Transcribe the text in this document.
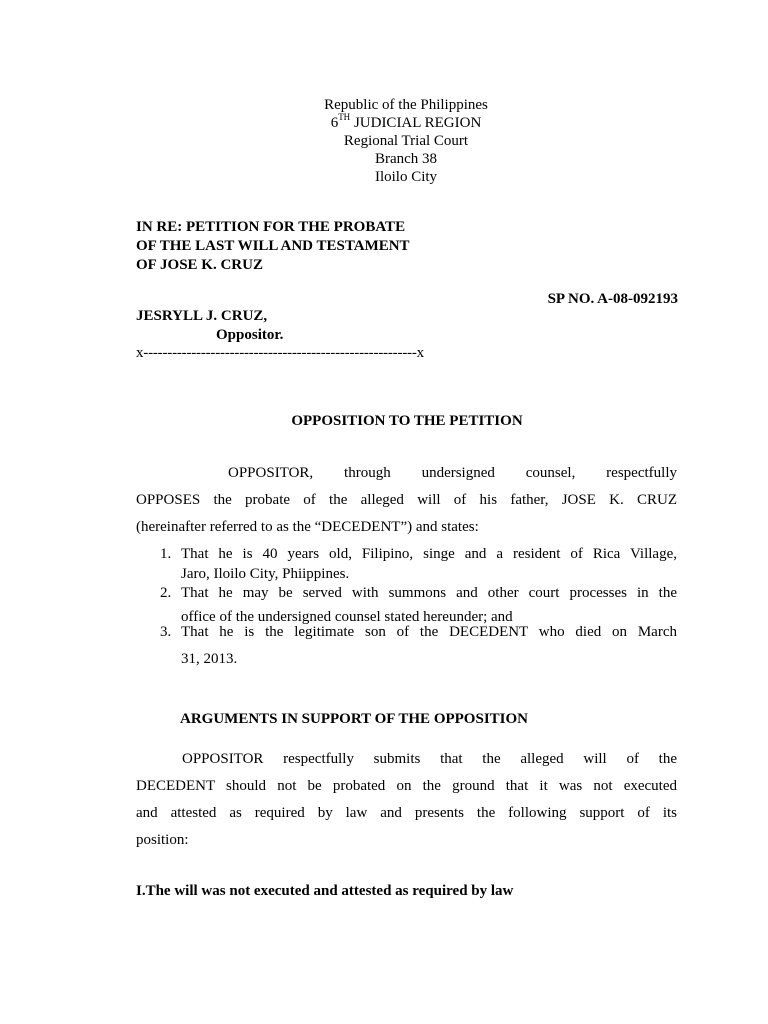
Republic of the Philippines
6TH JUDICIAL REGION
Regional Trial Court
Branch 38
Iloilo City
IN RE: PETITION FOR THE PROBATE
OF THE LAST WILL AND TESTAMENT
OF JOSE K. CRUZ
SP NO. A-08-092193
JESRYLL J. CRUZ,
Oppositor.
x---------------------------------------------------------x
OPPOSITION TO THE PETITION
OPPOSITOR, through undersigned counsel, respectfully
OPPOSES the probate of the alleged will of his father, JOSE K. CRUZ
(hereinafter referred to as the “DECEDENT”) and states:
1. That he is 40 years old, Filipino, singe and a resident of Rica Village,
Jaro, Iloilo City, Phiippines.
2. That he may be served with summons and other court processes in the
office of the undersigned counsel stated hereunder; and
3. That he is the legitimate son of the DECEDENT who died on March
31, 2013.
ARGUMENTS IN SUPPORT OF THE OPPOSITION
OPPOSITOR respectfully submits that the alleged will of the
DECEDENT should not be probated on the ground that it was not executed
and attested as required by law and presents the following support of its
position:
I.The will was not executed and attested as required by law
